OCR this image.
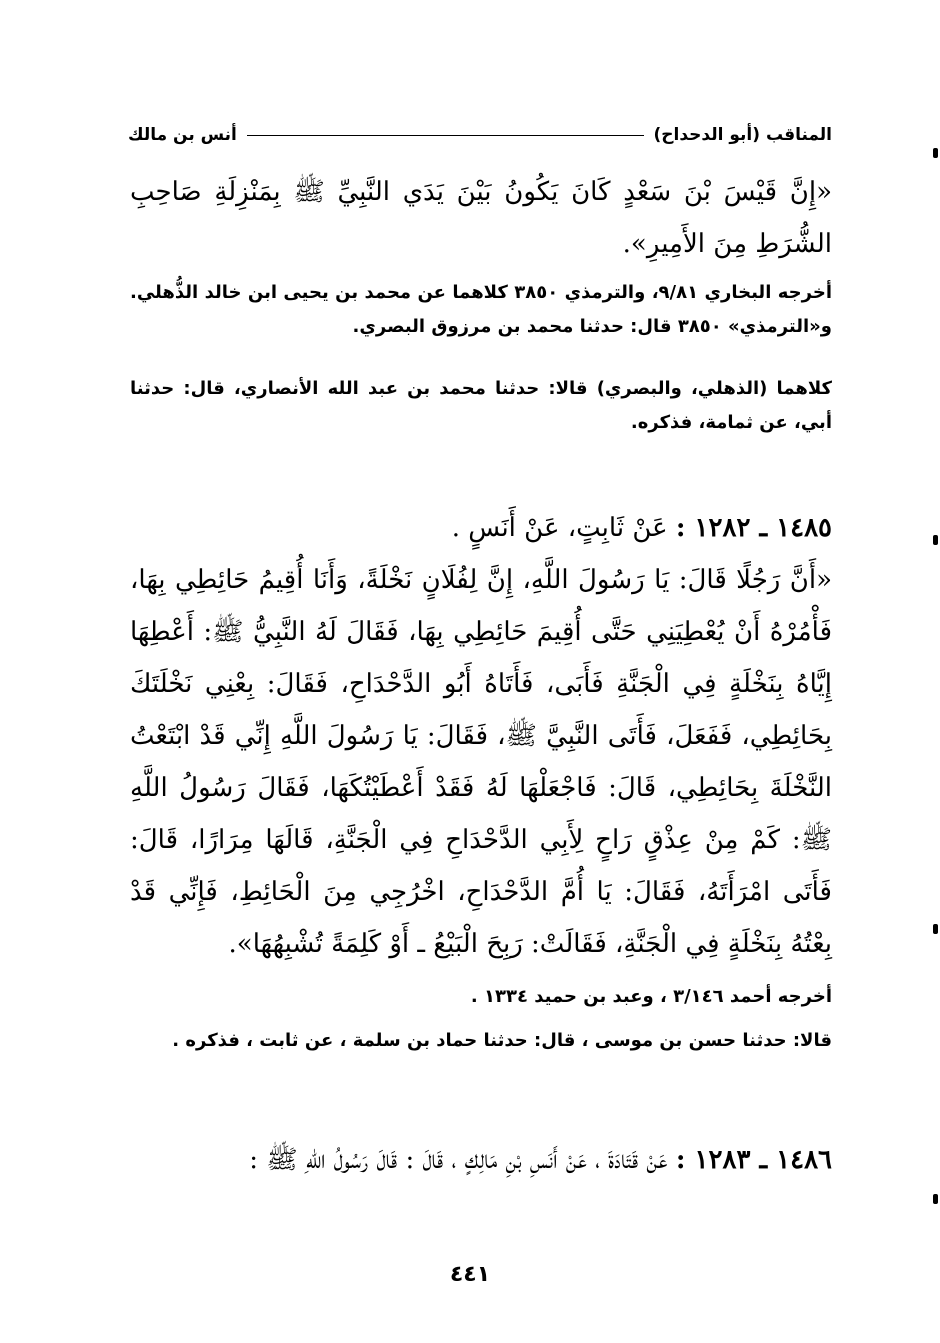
المناقب (أبو الدحداح)
أنس بن مالك

«إِنَّ قَيْسَ بْنَ سَعْدٍ كَانَ يَكُونُ بَيْنَ يَدَي النَّبِيِّ ﷺ بِمَنْزِلَةِ صَاحِبِ الشُّرَطِ مِنَ الأَمِيرِ».

أخرجه البخاري ٩/٨١، والترمذي ٣٨٥٠ كلاهما عن محمد بن يحيى ابن خالد الذُّهلي. و«الترمذي» ٣٨٥٠ قال: حدثنا محمد بن مرزوق البصري.

كلاهما (الذهلي، والبصري) قالا: حدثنا محمد بن عبد الله الأنصاري، قال: حدثنا أبي، عن ثمامة، فذكره.

١٤٨٥ ـ ١٢٨٢ : عَنْ ثَابِتٍ، عَنْ أَنَسٍ .

«أَنَّ رَجُلًا قَالَ: يَا رَسُولَ اللَّهِ، إِنَّ لِفُلَانٍ نَخْلَةً، وَأَنَا أُقِيمُ حَائِطِي بِهَا، فَأْمُرْهُ أَنْ يُعْطِيَنِي حَتَّى أُقِيمَ حَائِطِي بِهَا، فَقَالَ لَهُ النَّبِيُّ ﷺ: أَعْطِهَا إِيَّاهُ بِنَخْلَةٍ فِي الْجَنَّةِ فَأَبَى، فَأَتَاهُ أَبُو الدَّحْدَاحِ، فَقَالَ: بِعْنِي نَخْلَتَكَ بِحَائِطِي، فَفَعَلَ، فَأَتَى النَّبِيَّ ﷺ، فَقَالَ: يَا رَسُولَ اللَّهِ إِنِّي قَدْ ابْتَعْتُ النَّخْلَةَ بِحَائِطِي، قَالَ: فَاجْعَلْهَا لَهُ فَقَدْ أَعْطَيْتُكَهَا، فَقَالَ رَسُولُ اللَّهِ ﷺ: كَمْ مِنْ عِذْقٍ رَاحٍ لِأَبِي الدَّحْدَاحِ فِي الْجَنَّةِ، قَالَهَا مِرَارًا، قَالَ: فَأَتَى امْرَأَتَهُ، فَقَالَ: يَا أُمَّ الدَّحْدَاحِ، اخْرُجِي مِنَ الْحَائِطِ، فَإِنِّي قَدْ بِعْتُهُ بِنَخْلَةٍ فِي الْجَنَّةِ، فَقَالَتْ: رَبِحَ الْبَيْعُ ـ أَوْ كَلِمَةً تُشْبِهُهَا».

أخرجه أحمد ٣/١٤٦ ، وعبد بن حميد ١٣٣٤ .

قالا: حدثنا حسن بن موسى ، قال: حدثنا حماد بن سلمة ، عن ثابت ، فذكره .

١٤٨٦ ـ ١٢٨٣ : عَنْ قَتَادَةَ ، عَنْ أَنَسِ بْنِ مَالِكٍ ، قَالَ : قَالَ رَسُولُ اللهِ ﷺ :

٤٤١
